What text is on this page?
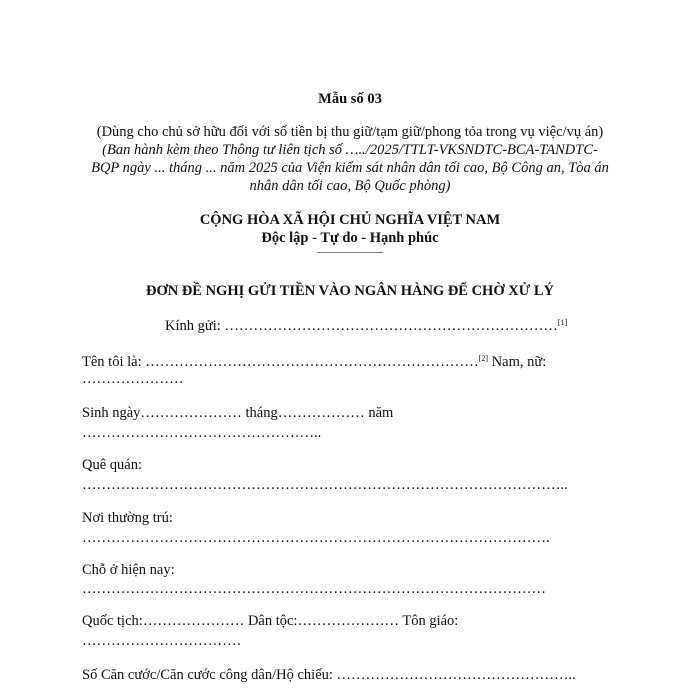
Mẫu số 03
(Dùng cho chủ sở hữu đối với số tiền bị thu giữ/tạm giữ/phong tỏa trong vụ việc/vụ án)
(Ban hành kèm theo Thông tư liên tịch số …../2025/TTLT-VKSNDTC-BCA-TANDTC-
BQP ngày ... tháng ... năm 2025 của Viện kiểm sát nhân dân tối cao, Bộ Công an, Tòa án
nhân dân tối cao, Bộ Quốc phòng)
CỘNG HÒA XÃ HỘI CHỦ NGHĨA VIỆT NAM
Độc lập - Tự do - Hạnh phúc
——————
ĐƠN ĐỀ NGHỊ GỬI TIỀN VÀO NGÂN HÀNG ĐỂ CHỜ XỬ LÝ
Kính gửi: ……………………………………………………………[1]
Tên tôi là: ……………………………………………………………[2] Nam, nữ:
…………………
Sinh ngày………………… tháng……………… năm
…………………………………………..
Quê quán:
………………………………………………………………………………………..
Nơi thường trú:
…………………………………………………………………………………….
Chỗ ở hiện nay:
……………………………………………………………………………………
Quốc tịch:………………… Dân tộc:………………… Tôn giáo:
……………………………
Số Căn cước/Căn cước công dân/Hộ chiếu: …………………………………………..
